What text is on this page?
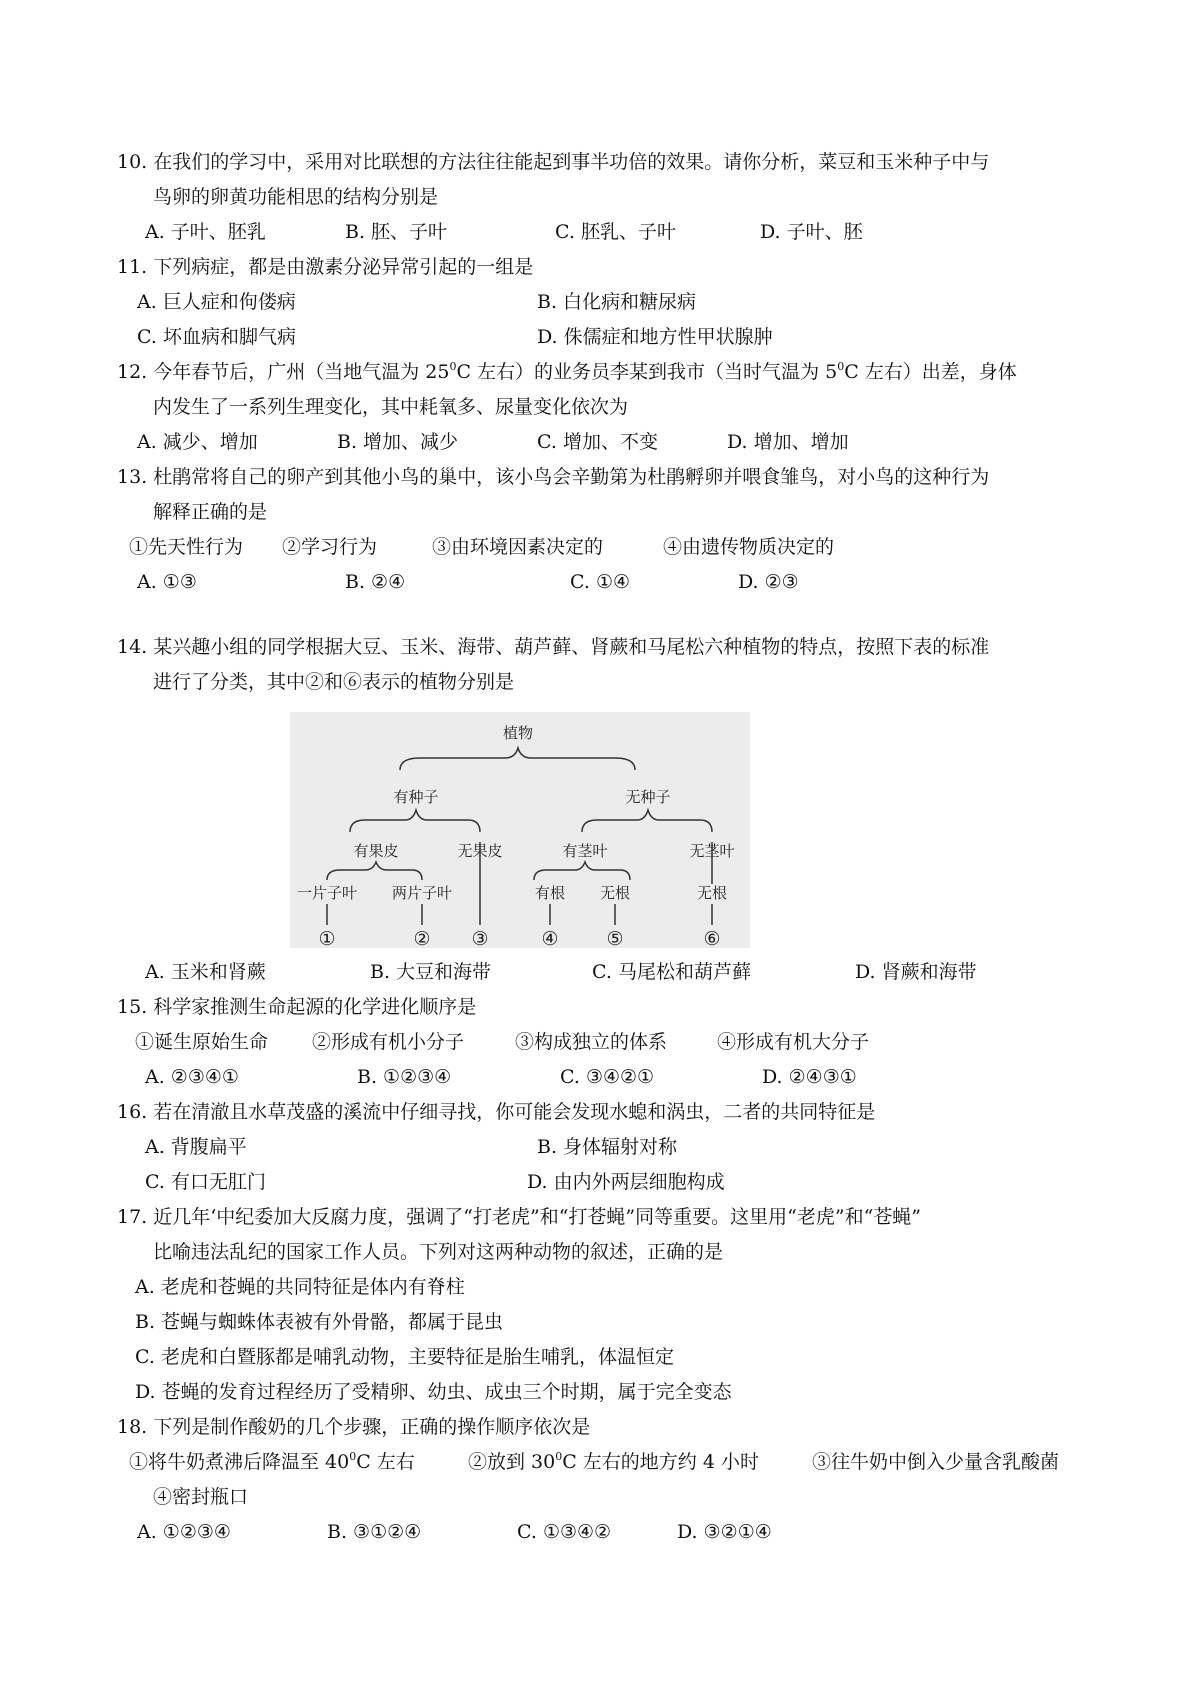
10. 在我们的学习中，采用对比联想的方法往往能起到事半功倍的效果。请你分析，菜豆和玉米种子中与
鸟卵的卵黄功能相思的结构分别是
A. 子叶、胚乳	B. 胚、子叶	C. 胚乳、子叶	D. 子叶、胚
11. 下列病症，都是由激素分泌异常引起的一组是
A. 巨人症和佝偻病	B. 白化病和糖尿病
C. 坏血病和脚气病	D. 侏儒症和地方性甲状腺肿
12. 今年春节后，广州（当地气温为 $25^0C$ 左右）的业务员李某到我市（当时气温为 $5^0C$ 左右）出差，身体
内发生了一系列生理变化，其中耗氧多、尿量变化依次为
A. 减少、增加	B. 增加、减少	C. 增加、不变	D. 增加、增加
13. 杜鹃常将自己的卵产到其他小鸟的巢中，该小鸟会辛勤第为杜鹃孵卵并喂食雏鸟，对小鸟的这种行为
解释正确的是
①先天性行为 ②学习行为	③由环境因素决定的	④由遗传物质决定的
A. ①③	B. ②④	C. ①④	D. ②③
14. 某兴趣小组的同学根据大豆、玉米、海带、葫芦藓、肾蕨和马尾松六种植物的特点，按照下表的标准
进行了分类，其中②和⑥表示的植物分别是
植物
有种子	无种子
有果皮	无果皮	有茎叶	无茎叶
一片子叶 两片子叶	有根 无根	无根
①	② ③	④	⑤	⑥
A. 玉米和肾蕨	B. 大豆和海带	C. 马尾松和葫芦藓	D. 肾蕨和海带
15. 科学家推测生命起源的化学进化顺序是
①诞生原始生命 ②形成有机小分子	③构成独立的体系	④形成有机大分子
A. ②③④①	B. ①②③④	C. ③④②①	D. ②④③①
16. 若在清澈且水草茂盛的溪流中仔细寻找，你可能会发现水螅和涡虫，二者的共同特征是
A. 背腹扁平	B. 身体辐射对称
C. 有口无肛门	D. 由内外两层细胞构成
17. 近几年‘中纪委加大反腐力度，强调了“打老虎”和“打苍蝇”同等重要。这里用“老虎”和“苍蝇”
比喻违法乱纪的国家工作人员。下列对这两种动物的叙述，正确的是
A. 老虎和苍蝇的共同特征是体内有脊柱
B. 苍蝇与蜘蛛体表被有外骨骼，都属于昆虫
C. 老虎和白暨豚都是哺乳动物，主要特征是胎生哺乳，体温恒定
D. 苍蝇的发育过程经历了受精卵、幼虫、成虫三个时期，属于完全变态
18. 下列是制作酸奶的几个步骤，正确的操作顺序依次是
①将牛奶煮沸后降温至 $40^0C$ 左右	②放到 $30^0C$ 左右的地方约 4 小时	③往牛奶中倒入少量含乳酸菌
④密封瓶口
A. ①②③④	B. ③①②④	C. ①③④②	D. ③②①④
